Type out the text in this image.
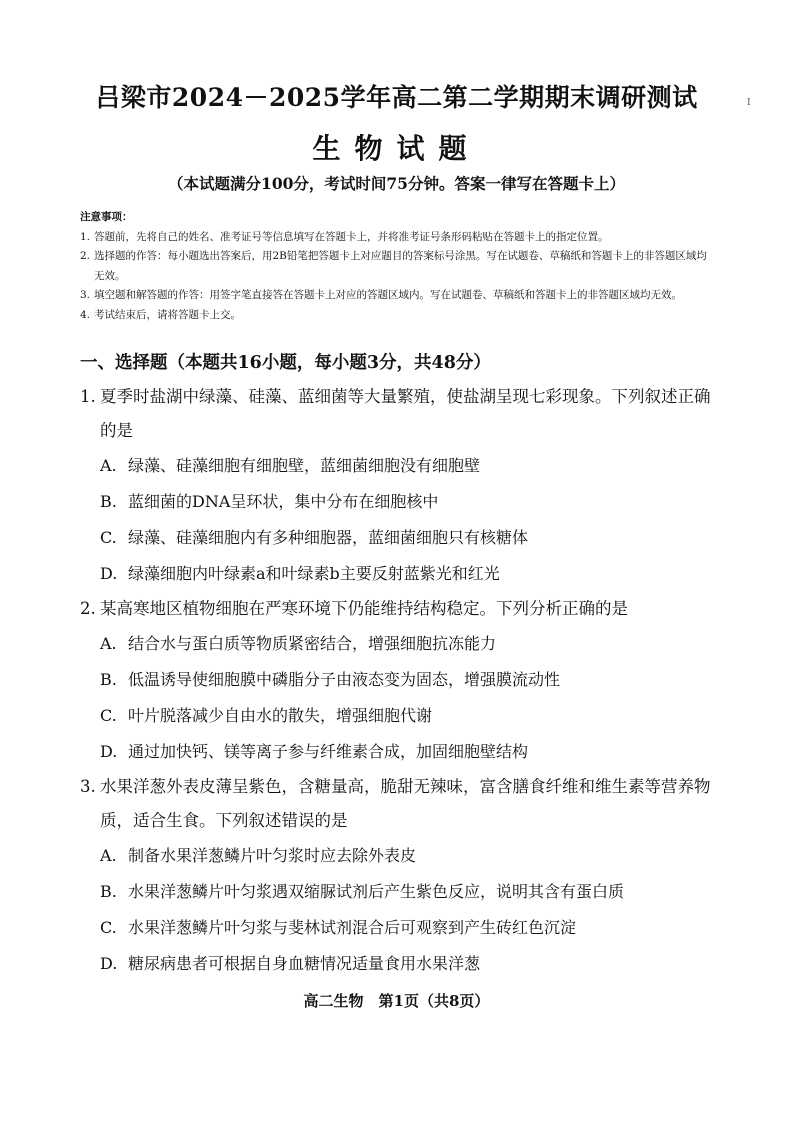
吕梁市2024－2025学年高二第二学期期末调研测试	I
生物试题
（本试题满分100分，考试时间75分钟。答案一律写在答题卡上）
注意事项：
1. 答题前，先将自己的姓名、准考证号等信息填写在答题卡上，并将准考证号条形码粘贴在答题卡上的指定位置。
2. 选择题的作答：每小题选出答案后，用2B铅笔把答题卡上对应题目的答案标号涂黑。写在试题卷、草稿纸和答题卡上的非答题区域均无效。
3. 填空题和解答题的作答：用签字笔直接答在答题卡上对应的答题区域内。写在试题卷、草稿纸和答题卡上的非答题区域均无效。
4. 考试结束后，请将答题卡上交。
一、选择题（本题共16小题，每小题3分，共48分）
1. 夏季时盐湖中绿藻、硅藻、蓝细菌等大量繁殖，使盐湖呈现七彩现象。下列叙述正确的是
A. 绿藻、硅藻细胞有细胞壁，蓝细菌细胞没有细胞壁
B. 蓝细菌的DNA呈环状，集中分布在细胞核中
C. 绿藻、硅藻细胞内有多种细胞器，蓝细菌细胞只有核糖体
D. 绿藻细胞内叶绿素a和叶绿素b主要反射蓝紫光和红光
2. 某高寒地区植物细胞在严寒环境下仍能维持结构稳定。下列分析正确的是
A. 结合水与蛋白质等物质紧密结合，增强细胞抗冻能力
B. 低温诱导使细胞膜中磷脂分子由液态变为固态，增强膜流动性
C. 叶片脱落减少自由水的散失，增强细胞代谢
D. 通过加快钙、镁等离子参与纤维素合成，加固细胞壁结构
3. 水果洋葱外表皮薄呈紫色，含糖量高，脆甜无辣味，富含膳食纤维和维生素等营养物质，适合生食。下列叙述错误的是
A. 制备水果洋葱鳞片叶匀浆时应去除外表皮
B. 水果洋葱鳞片叶匀浆遇双缩脲试剂后产生紫色反应，说明其含有蛋白质
C. 水果洋葱鳞片叶匀浆与斐林试剂混合后可观察到产生砖红色沉淀
D. 糖尿病患者可根据自身血糖情况适量食用水果洋葱
高二生物　第1页（共8页）
